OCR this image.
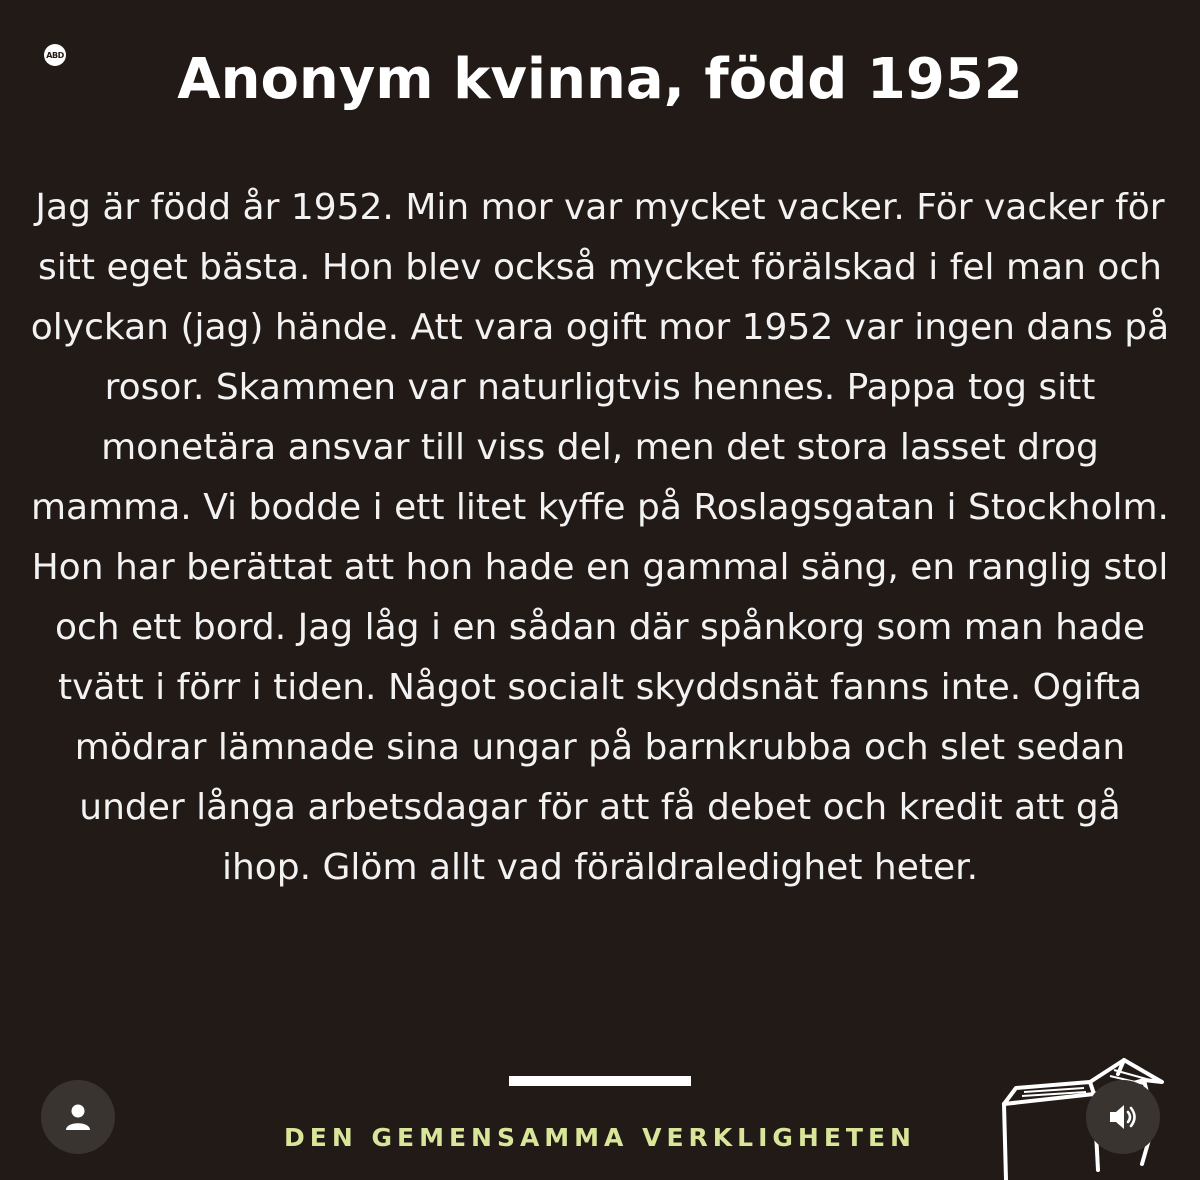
ABD	Anonym kvinna, född 1952

Jag är född år 1952. Min mor var mycket vacker. För vacker för sitt eget bästa. Hon blev också mycket förälskad i fel man och olyckan (jag) hände. Att vara ogift mor 1952 var ingen dans på rosor. Skammen var naturligtvis hennes. Pappa tog sitt monetära ansvar till viss del, men det stora lasset drog mamma. Vi bodde i ett litet kyffe på Roslagsgatan i Stockholm. Hon har berättat att hon hade en gammal säng, en ranglig stol och ett bord. Jag låg i en sådan där spånkorg som man hade tvätt i förr i tiden. Något socialt skyddsnät fanns inte. Ogifta mödrar lämnade sina ungar på barnkrubba och slet sedan under långa arbetsdagar för att få debet och kredit att gå ihop. Glöm allt vad föräldraledighet heter.

DEN GEMENSAMMA VERKLIGHETEN
